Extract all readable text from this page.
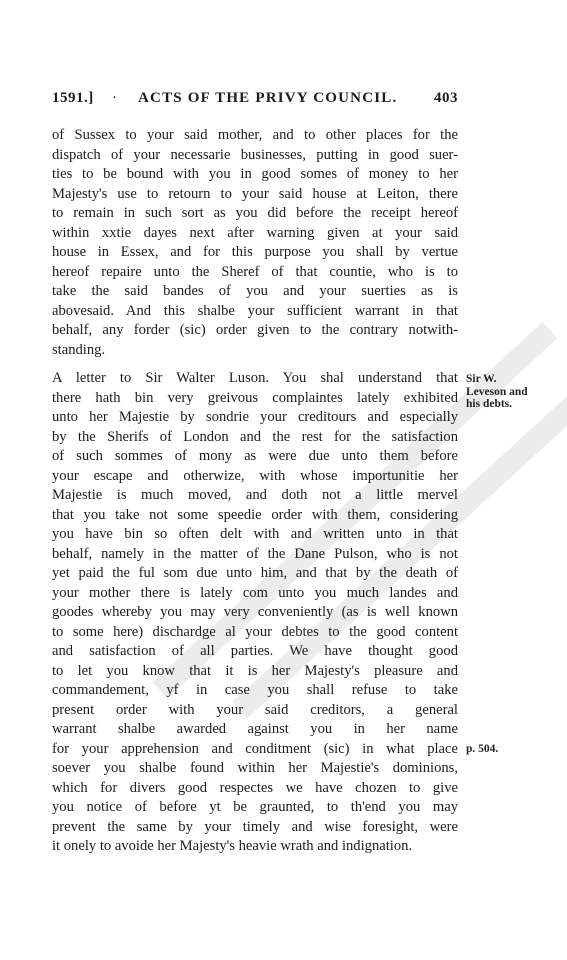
1591.] · ACTS OF THE PRIVY COUNCIL. 403
of Sussex to your said mother, and to other places for the
dispatch of your necessarie businesses, putting in good suer-
ties to be bound with you in good somes of money to her
Majesty's use to retourn to your said house at Leiton, there
to remain in such sort as you did before the receipt hereof
within xxtie dayes next after warning given at your said
house in Essex, and for this purpose you shall by vertue
hereof repaire unto the Sheref of that countie, who is to
take the said bandes of you and your suerties as is
abovesaid. And this shalbe your sufficient warrant in that
behalf, any forder (sic) order given to the contrary notwith-
standing.
A letter to Sir Walter Luson. You shal understand that
there hath bin very greivous complaintes lately exhibited
unto her Majestie by sondrie your creditours and especially
by the Sherifs of London and the rest for the satisfaction
of such sommes of mony as were due unto them before
your escape and otherwize, with whose importunitie her
Majestie is much moved, and doth not a little mervel
that you take not some speedie order with them, considering
you have bin so often delt with and written unto in that
behalf, namely in the matter of the Dane Pulson, who is not
yet paid the ful som due unto him, and that by the death of
your mother there is lately com unto you much landes and
goodes whereby you may very conveniently (as is well known
to some here) dischardge al your debtes to the good content
and satisfaction of all parties. We have thought good
to let you know that it is her Majesty's pleasure and
commandement, yf in case you shall refuse to take
present order with your said creditors, a general
warrant shalbe awarded against you in her name
for your apprehension and conditment (sic) in what place
soever you shalbe found within her Majestie's dominions,
which for divers good respectes we have chozen to give
you notice of before yt be graunted, to th'end you may
prevent the same by your timely and wise foresight, were
it onely to avoide her Majesty's heavie wrath and indignation.
Sir W.
Leveson and
his debts.
p. 504.
